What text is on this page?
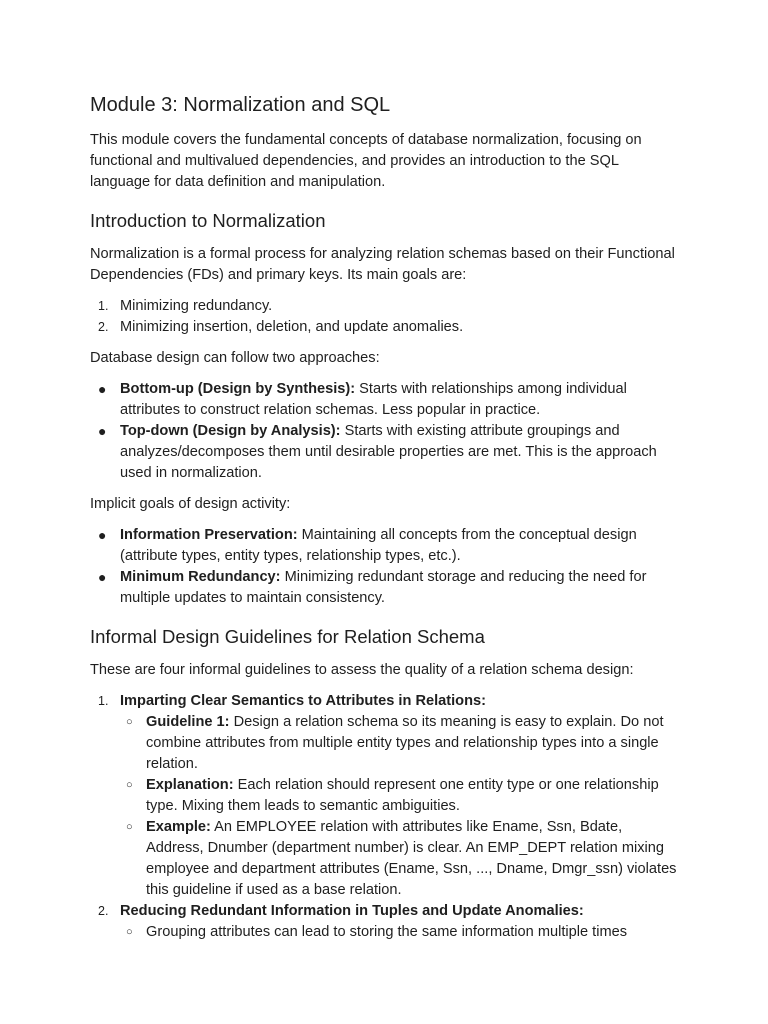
Module 3: Normalization and SQL

This module covers the fundamental concepts of database normalization, focusing on functional and multivalued dependencies, and provides an introduction to the SQL language for data definition and manipulation.

Introduction to Normalization

Normalization is a formal process for analyzing relation schemas based on their Functional Dependencies (FDs) and primary keys. Its main goals are:

1. Minimizing redundancy.
2. Minimizing insertion, deletion, and update anomalies.

Database design can follow two approaches:

● Bottom-up (Design by Synthesis): Starts with relationships among individual attributes to construct relation schemas. Less popular in practice.
● Top-down (Design by Analysis): Starts with existing attribute groupings and analyzes/decomposes them until desirable properties are met. This is the approach used in normalization.

Implicit goals of design activity:

● Information Preservation: Maintaining all concepts from the conceptual design (attribute types, entity types, relationship types, etc.).
● Minimum Redundancy: Minimizing redundant storage and reducing the need for multiple updates to maintain consistency.
Informal Design Guidelines for Relation Schema

These are four informal guidelines to assess the quality of a relation schema design:

1. Imparting Clear Semantics to Attributes in Relations:
○ Guideline 1: Design a relation schema so its meaning is easy to explain. Do not combine attributes from multiple entity types and relationship types into a single relation.
○ Explanation: Each relation should represent one entity type or one relationship type. Mixing them leads to semantic ambiguities.
○ Example: An EMPLOYEE relation with attributes like Ename, Ssn, Bdate, Address, Dnumber (department number) is clear. An EMP_DEPT relation mixing employee and department attributes (Ename, Ssn, ..., Dname, Dmgr_ssn) violates this guideline if used as a base relation.
2. Reducing Redundant Information in Tuples and Update Anomalies:
○ Grouping attributes can lead to storing the same information multiple times
